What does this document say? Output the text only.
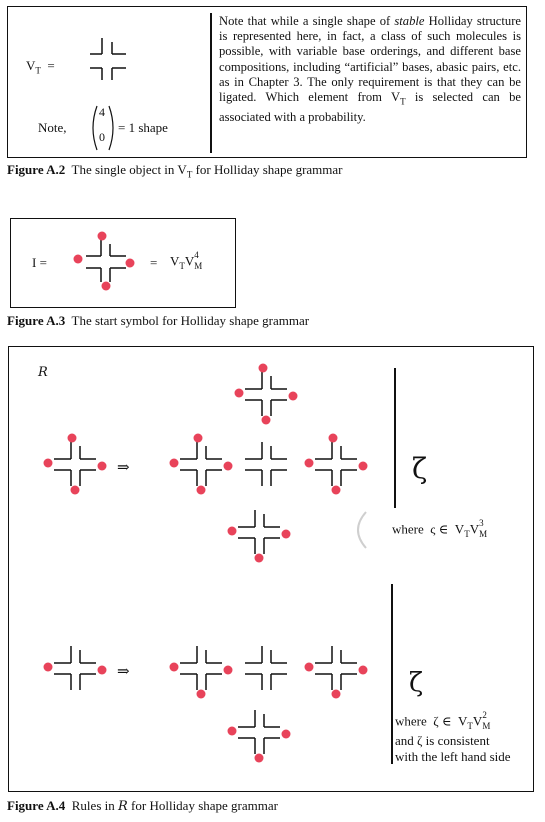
$V_T$ =
Note,
4
0
= 1 shape
Note that while a single shape of stable Holliday structure is represented here, in fact, a class of such molecules is possible, with variable base orderings, and different base compositions, including “artificial” bases, abasic pairs, etc. as in Chapter 3. The only requirement is that they can be ligated. Which element from $V_T$ is selected can be associated with a probability.
Figure A.2 The single object in $V_T$ for Holliday shape grammar
I =	= $V_TV_M^4$
Figure A.3 The start symbol for Holliday shape grammar
R
⇒
⇒
ζ
ζ
where ς ∈ $V_TV_M^3$
where ζ ∈ $V_TV_M^2$
and ζ is consistent
with the left hand side
Figure A.4 Rules in R for Holliday shape grammar
